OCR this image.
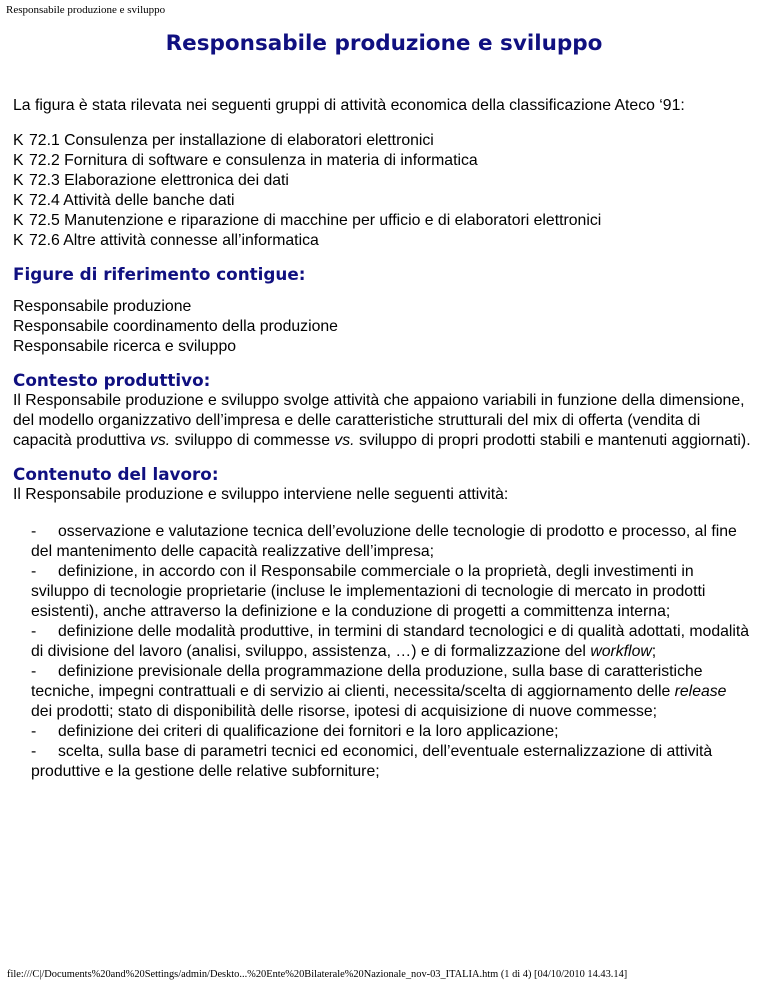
Responsabile produzione e sviluppo
Responsabile produzione e sviluppo

La figura è stata rilevata nei seguenti gruppi di attività economica della classificazione Ateco ‘91:

K 72.1 Consulenza per installazione di elaboratori elettronici
K 72.2 Fornitura di software e consulenza in materia di informatica
K 72.3 Elaborazione elettronica dei dati
K 72.4 Attività delle banche dati
K 72.5 Manutenzione e riparazione di macchine per ufficio e di elaboratori elettronici
K 72.6 Altre attività connesse all’informatica
Figure di riferimento contigue:

Responsabile produzione

Responsabile coordinamento della produzione

Responsabile ricerca e sviluppo

Contesto produttivo:

Il Responsabile produzione e sviluppo svolge attività che appaiono variabili in funzione della dimensione, del modello organizzativo dell’impresa e delle caratteristiche strutturali del mix di offerta (vendita di capacità produttiva vs. sviluppo di commesse vs. sviluppo di propri prodotti stabili e mantenuti aggiornati).

Contenuto del lavoro:

Il Responsabile produzione e sviluppo interviene nelle seguenti attività:

- osservazione e valutazione tecnica dell’evoluzione delle tecnologie di prodotto e processo, al fine del mantenimento delle capacità realizzative dell’impresa;

- definizione, in accordo con il Responsabile commerciale o la proprietà, degli investimenti in sviluppo di tecnologie proprietarie (incluse le implementazioni di tecnologie di mercato in prodotti esistenti), anche attraverso la definizione e la conduzione di progetti a committenza interna;

- definizione delle modalità produttive, in termini di standard tecnologici e di qualità adottati, modalità di divisione del lavoro (analisi, sviluppo, assistenza, …) e di formalizzazione del workflow;

- definizione previsionale della programmazione della produzione, sulla base di caratteristiche tecniche, impegni contrattuali e di servizio ai clienti, necessita/scelta di aggiornamento delle release dei prodotti; stato di disponibilità delle risorse, ipotesi di acquisizione di nuove commesse;

- definizione dei criteri di qualificazione dei fornitori e la loro applicazione;

- scelta, sulla base di parametri tecnici ed economici, dell’eventuale esternalizzazione di attività produttive e la gestione delle relative subforniture;

file:///C|/Documents%20and%20Settings/admin/Deskto...%20Ente%20Bilaterale%20Nazionale_nov-03_ITALIA.htm (1 di 4) [04/10/2010 14.43.14]
